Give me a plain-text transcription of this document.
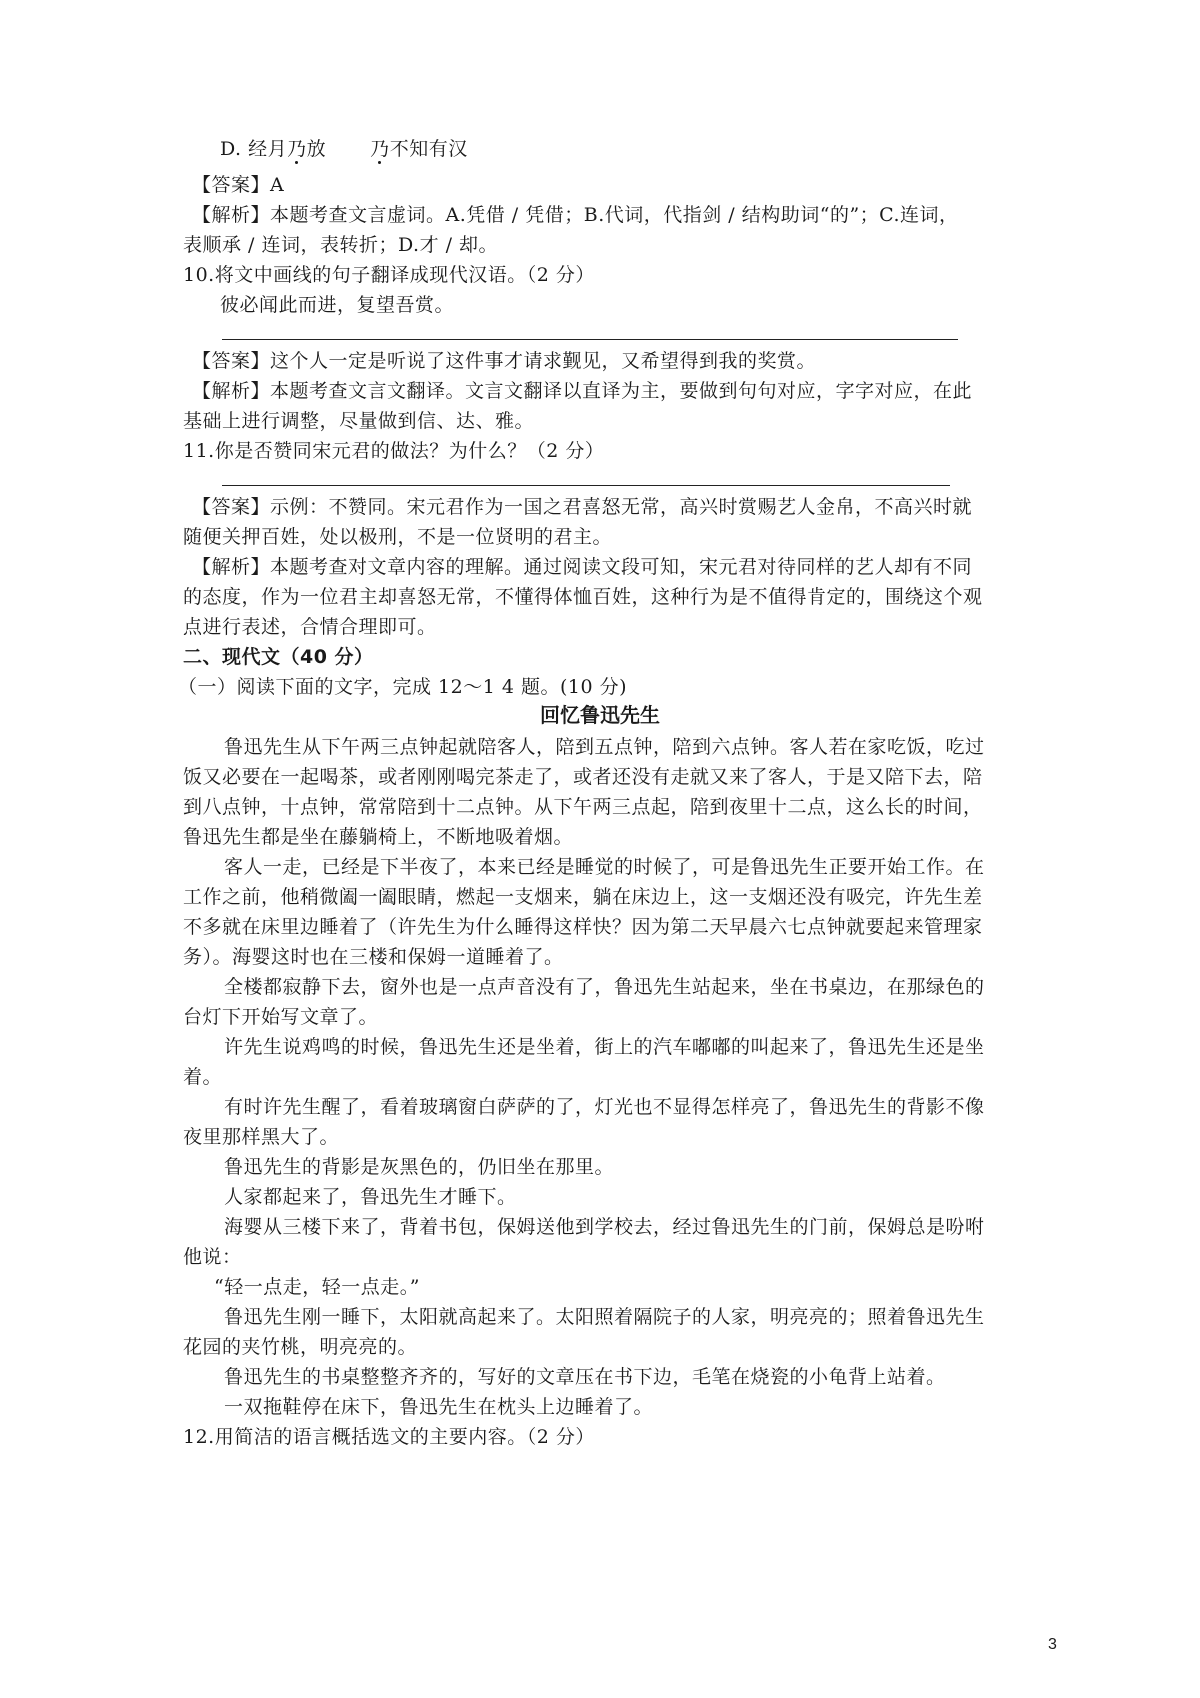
D. 经月乃放 乃不知有汉
【答案】A
【解析】本题考查文言虚词。A.凭借 / 凭借；B.代词，代指剑 / 结构助词“的”；C.连词，
表顺承 / 连词，表转折；D.才 / 却。
10.将文中画线的句子翻译成现代汉语。（2 分）
彼必闻此而进，复望吾赏。
【答案】这个人一定是听说了这件事才请求觐见，又希望得到我的奖赏。
【解析】本题考查文言文翻译。文言文翻译以直译为主，要做到句句对应，字字对应，在此
基础上进行调整，尽量做到信、达、雅。
11.你是否赞同宋元君的做法？为什么？（2 分）
【答案】示例：不赞同。宋元君作为一国之君喜怒无常，高兴时赏赐艺人金帛，不高兴时就
随便关押百姓，处以极刑，不是一位贤明的君主。
【解析】本题考查对文章内容的理解。通过阅读文段可知，宋元君对待同样的艺人却有不同
的态度，作为一位君主却喜怒无常，不懂得体恤百姓，这种行为是不值得肯定的，围绕这个观
点进行表述，合情合理即可。
二、现代文（40 分）
（一）阅读下面的文字，完成 12～1 4 题。(10 分)
回忆鲁迅先生
鲁迅先生从下午两三点钟起就陪客人，陪到五点钟，陪到六点钟。客人若在家吃饭，吃过
饭又必要在一起喝茶，或者刚刚喝完茶走了，或者还没有走就又来了客人，于是又陪下去，陪
到八点钟，十点钟，常常陪到十二点钟。从下午两三点起，陪到夜里十二点，这么长的时间，
鲁迅先生都是坐在藤躺椅上，不断地吸着烟。
客人一走，已经是下半夜了，本来已经是睡觉的时候了，可是鲁迅先生正要开始工作。在
工作之前，他稍微阖一阖眼睛，燃起一支烟来，躺在床边上，这一支烟还没有吸完，许先生差
不多就在床里边睡着了（许先生为什么睡得这样快？因为第二天早晨六七点钟就要起来管理家
务）。海婴这时也在三楼和保姆一道睡着了。
全楼都寂静下去，窗外也是一点声音没有了，鲁迅先生站起来，坐在书桌边，在那绿色的
台灯下开始写文章了。
许先生说鸡鸣的时候，鲁迅先生还是坐着，街上的汽车嘟嘟的叫起来了，鲁迅先生还是坐
着。
有时许先生醒了，看着玻璃窗白萨萨的了，灯光也不显得怎样亮了，鲁迅先生的背影不像
夜里那样黑大了。
鲁迅先生的背影是灰黑色的，仍旧坐在那里。
人家都起来了，鲁迅先生才睡下。
海婴从三楼下来了，背着书包，保姆送他到学校去，经过鲁迅先生的门前，保姆总是吩咐
他说：
“轻一点走，轻一点走。”
鲁迅先生刚一睡下，太阳就高起来了。太阳照着隔院子的人家，明亮亮的；照着鲁迅先生
花园的夹竹桃，明亮亮的。
鲁迅先生的书桌整整齐齐的，写好的文章压在书下边，毛笔在烧瓷的小龟背上站着。
一双拖鞋停在床下，鲁迅先生在枕头上边睡着了。
12.用简洁的语言概括选文的主要内容。（2 分）
3
